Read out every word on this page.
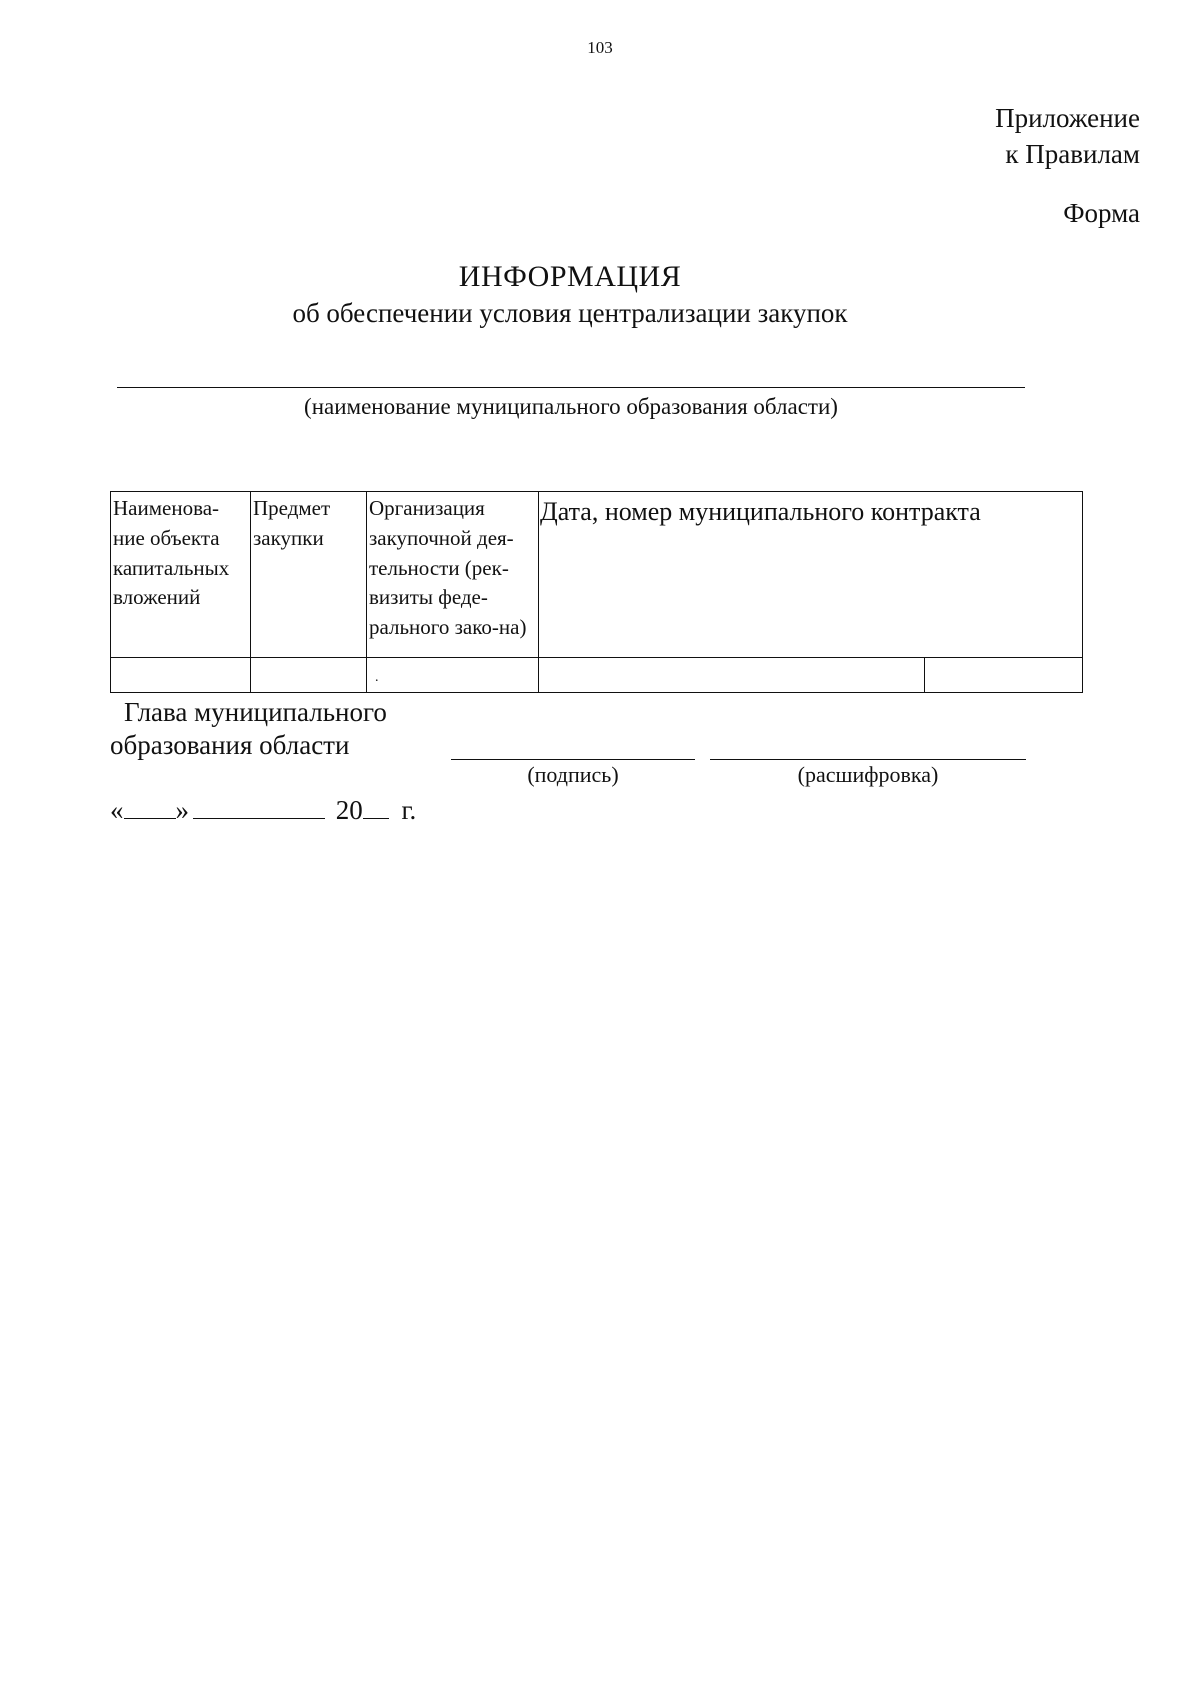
103
Приложение
к Правилам
Форма
ИНФОРМАЦИЯ
об обеспечении условия централизации закупок
(наименование муниципального образования области)
Наименова-ние объекта капитальных вложений	Предмет закупки	Организация закупочной дея-тельности (рек-визиты феде-рального зако-на)	Дата, номер муниципального контракта	
		.		
Глава муниципального
образования области
(подпись)	(расшифровка)
« »	20 г.
